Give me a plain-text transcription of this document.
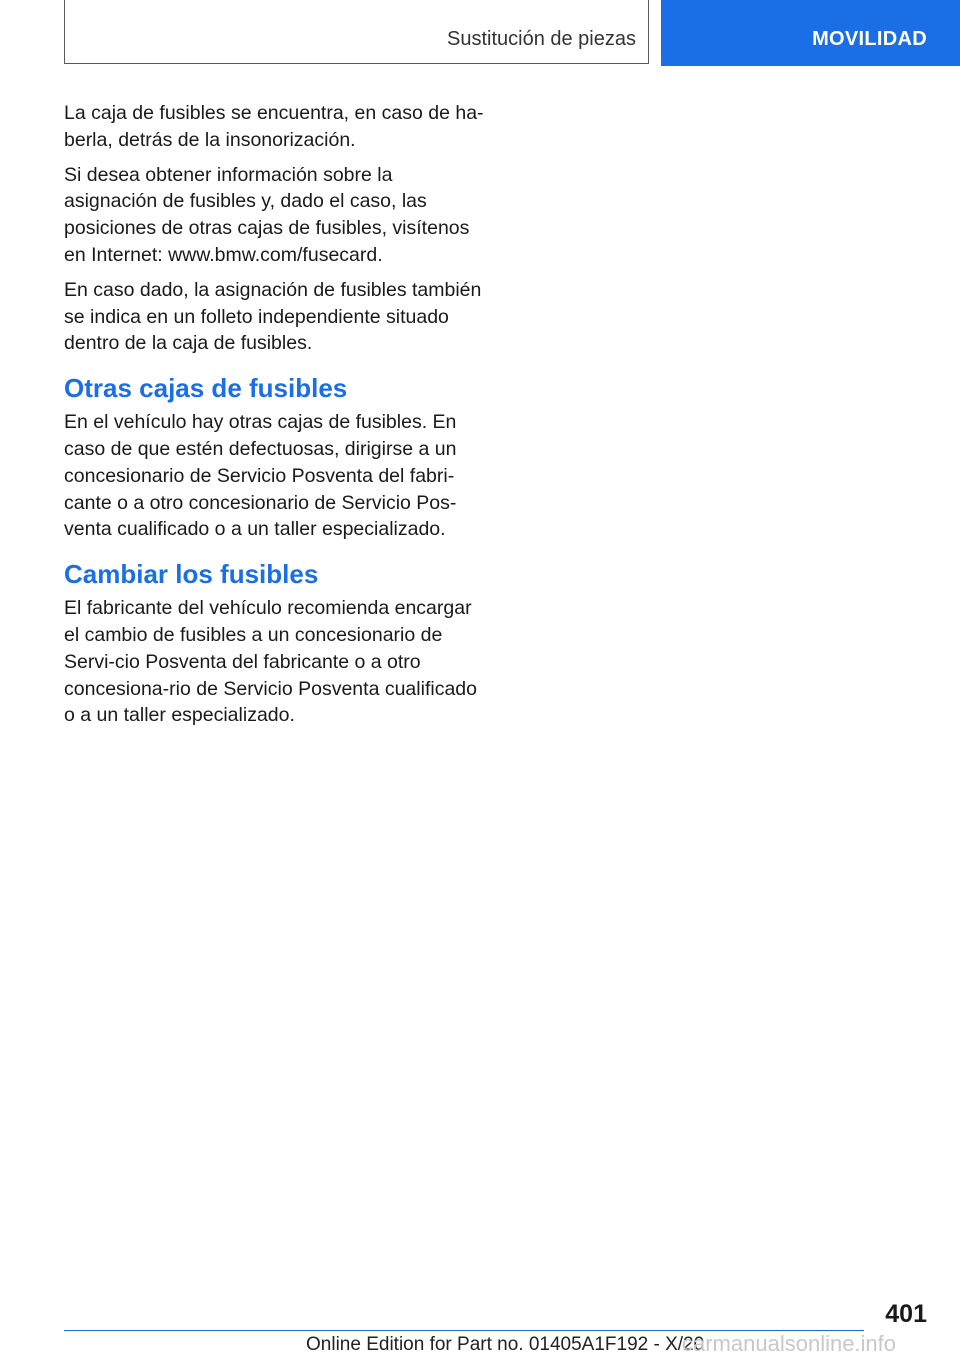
Sustitución de piezas	MOVILIDAD

La caja de fusibles se encuentra, en caso de ha-berla, detrás de la insonorización.

Si desea obtener información sobre la asignación de fusibles y, dado el caso, las posiciones de otras cajas de fusibles, visítenos en Internet: www.bmw.com/fusecard.

En caso dado, la asignación de fusibles también se indica en un folleto independiente situado dentro de la caja de fusibles.

Otras cajas de fusibles

En el vehículo hay otras cajas de fusibles. En caso de que estén defectuosas, dirigirse a un concesionario de Servicio Posventa del fabri-cante o a otro concesionario de Servicio Pos-venta cualificado o a un taller especializado.

Cambiar los fusibles

El fabricante del vehículo recomienda encargar el cambio de fusibles a un concesionario de Servi-cio Posventa del fabricante o a otro concesiona-rio de Servicio Posventa cualificado o a un taller especializado.

401
Online Edition for Part no. 01405A1F192 - X/20
carmanualsonline.info
